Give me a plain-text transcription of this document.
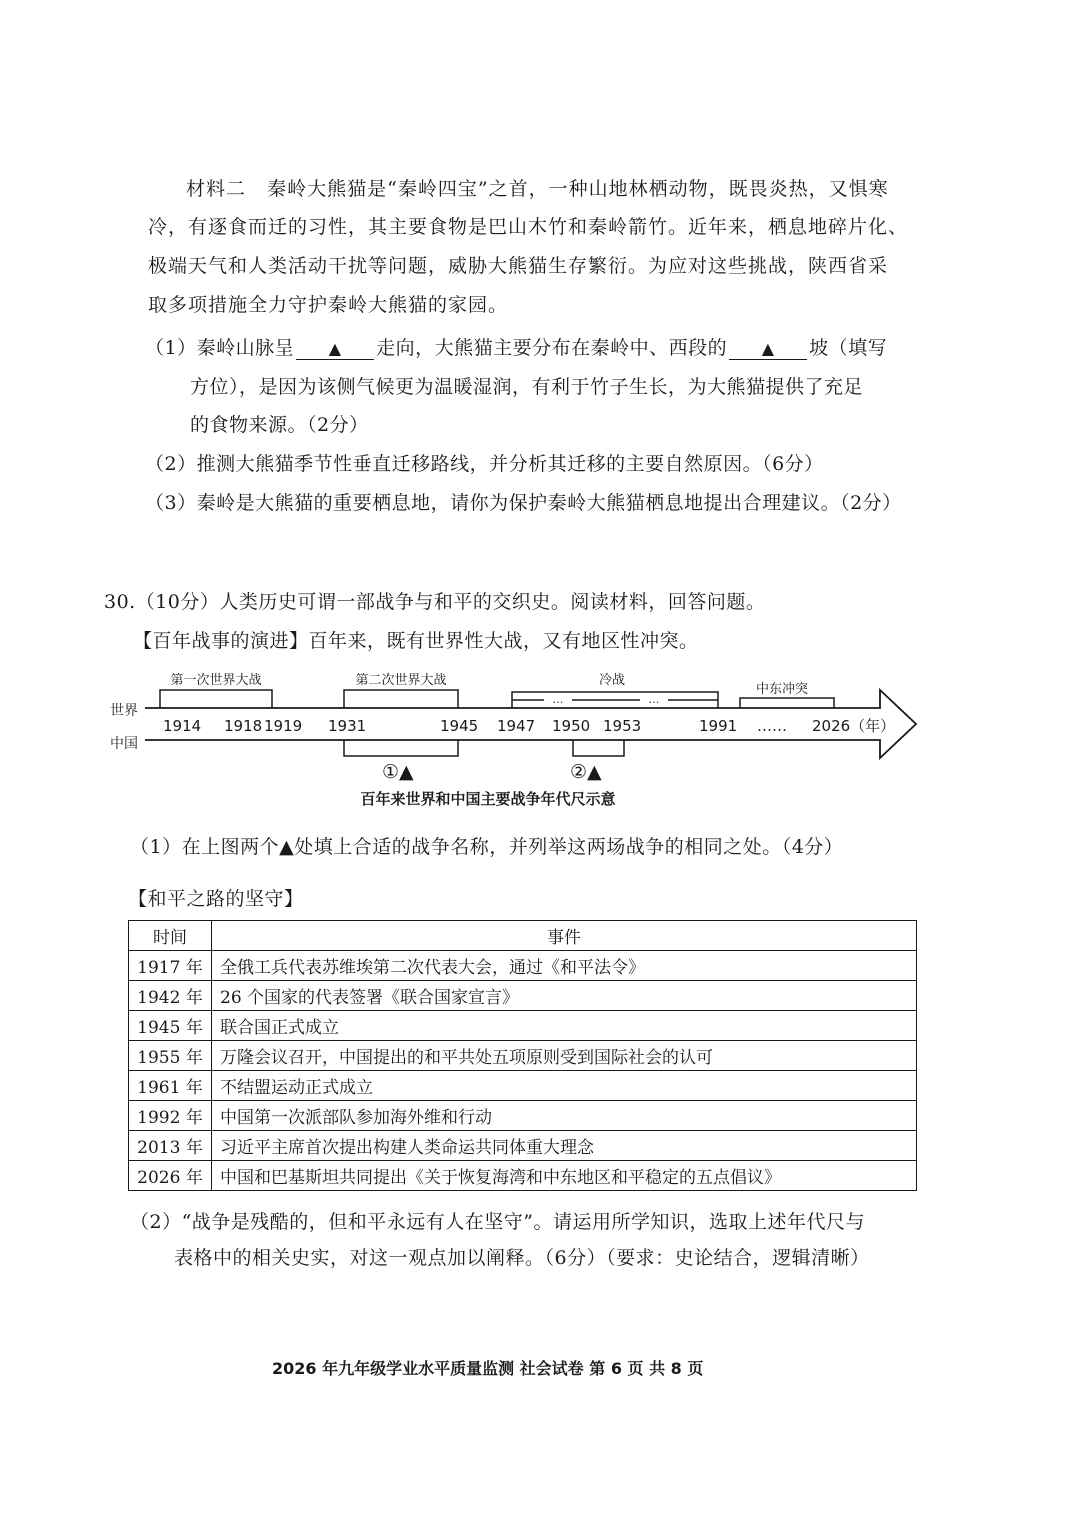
材料二 秦岭大熊猫是“秦岭四宝”之首，一种山地林栖动物，既畏炎热，又惧寒
冷，有逐食而迁的习性，其主要食物是巴山木竹和秦岭箭竹。近年来，栖息地碎片化、
极端天气和人类活动干扰等问题，威胁大熊猫生存繁衍。为应对这些挑战，陕西省采
取多项措施全力守护秦岭大熊猫的家园。
（1）秦岭山脉呈 ▲ 走向，大熊猫主要分布在秦岭中、西段的 ▲ 坡（填写
方位），是因为该侧气候更为温暖湿润，有利于竹子生长，为大熊猫提供了充足
的食物来源。（2分）
（2）推测大熊猫季节性垂直迁移路线，并分析其迁移的主要自然原因。（6分）
（3）秦岭是大熊猫的重要栖息地，请你为保护秦岭大熊猫栖息地提出合理建议。（2分）
30.（10分）人类历史可谓一部战争与和平的交织史。阅读材料，回答问题。
【百年战事的演进】百年来，既有世界性大战，又有地区性冲突。
世界
中国
第一次世界大战	第二次世界大战
…	…
冷战
中东冲突
1914 1918 1919 1931	1945 1947 1950 1953	1991 …… 2026（年）
①▲	②▲
百年来世界和中国主要战争年代尺示意
（1）在上图两个▲处填上合适的战争名称，并列举这两场战争的相同之处。（4分）
【和平之路的坚守】
时间	事件
1917 年	全俄工兵代表苏维埃第二次代表大会，通过《和平法令》
1942 年	26 个国家的代表签署《联合国家宣言》
1945 年	联合国正式成立
1955 年	万隆会议召开，中国提出的和平共处五项原则受到国际社会的认可
1961 年	不结盟运动正式成立
1992 年	中国第一次派部队参加海外维和行动
2013 年	习近平主席首次提出构建人类命运共同体重大理念
2026 年	中国和巴基斯坦共同提出《关于恢复海湾和中东地区和平稳定的五点倡议》
（2）“战争是残酷的，但和平永远有人在坚守”。请运用所学知识，选取上述年代尺与
表格中的相关史实，对这一观点加以阐释。（6分）（要求：史论结合，逻辑清晰）
2026 年九年级学业水平质量监测 社会试卷 第 6 页 共 8 页
